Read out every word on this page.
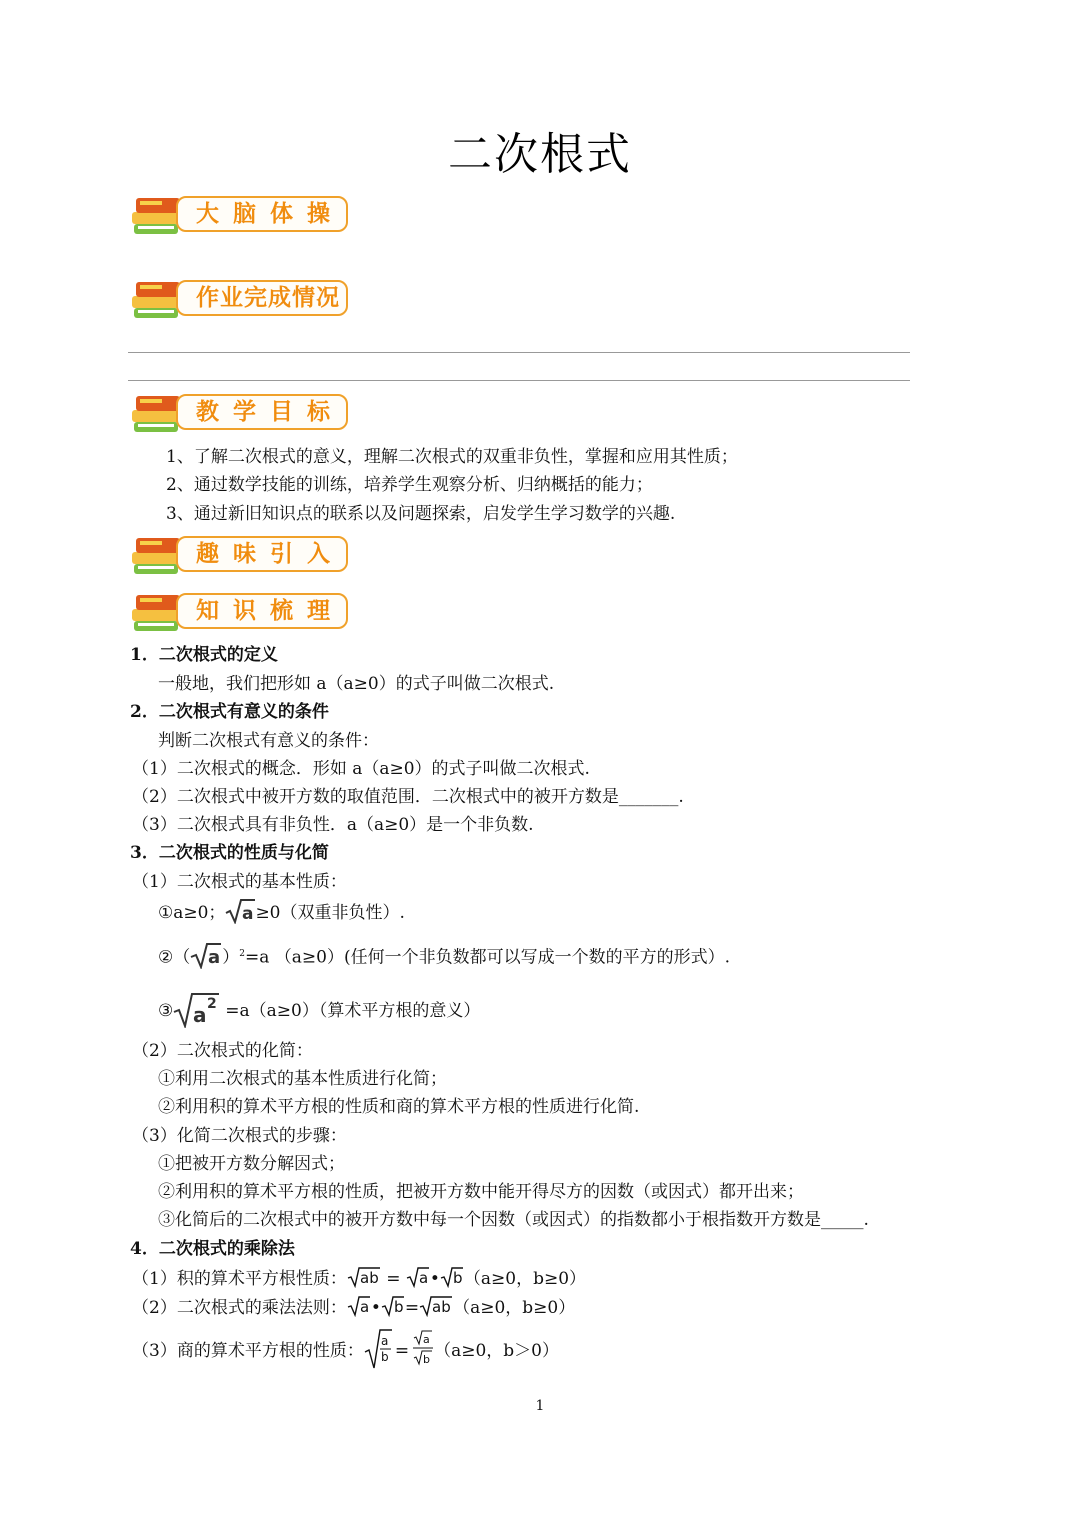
二次根式
大脑体操
作业完成情况
教学目标
1、了解二次根式的意义，理解二次根式的双重非负性，掌握和应用其性质；
2、通过数学技能的训练，培养学生观察分析、归纳概括的能力；
3、通过新旧知识点的联系以及问题探索，启发学生学习数学的兴趣.
趣味引入
知识梳理
1．二次根式的定义
一般地，我们把形如 a（a≥0）的式子叫做二次根式.
2．二次根式有意义的条件
判断二次根式有意义的条件：
（1）二次根式的概念．形如 a（a≥0）的式子叫做二次根式.
（2）二次根式中被开方数的取值范围．二次根式中的被开方数是_______.
（3）二次根式具有非负性．a（a≥0）是一个非负数.
3．二次根式的性质与化简
（1）二次根式的基本性质：
①a≥0； a ≥0（双重非负性）.
②（ a ）$^2$=a （a≥0）(任何一个非负数都可以写成一个数的平方的形式）.
③ a 2 =a（a≥0）（算术平方根的意义）
（2）二次根式的化简：
①利用二次根式的基本性质进行化简；
②利用积的算术平方根的性质和商的算术平方根的性质进行化简.
（3）化简二次根式的步骤：
①把被开方数分解因式；
②利用积的算术平方根的性质，把被开方数中能开得尽方的因数（或因式）都开出来；
③化简后的二次根式中的被开方数中每一个因数（或因式）的指数都小于根指数开方数是_____.
4．二次根式的乘除法
（1）积的算术平方根性质： ab = a • b （a≥0，b≥0）
（2）二次根式的乘法法则： a • b = ab （a≥0，b≥0）
（3）商的算术平方根的性质： a
b =
a
b （a≥0，b＞0）
1
